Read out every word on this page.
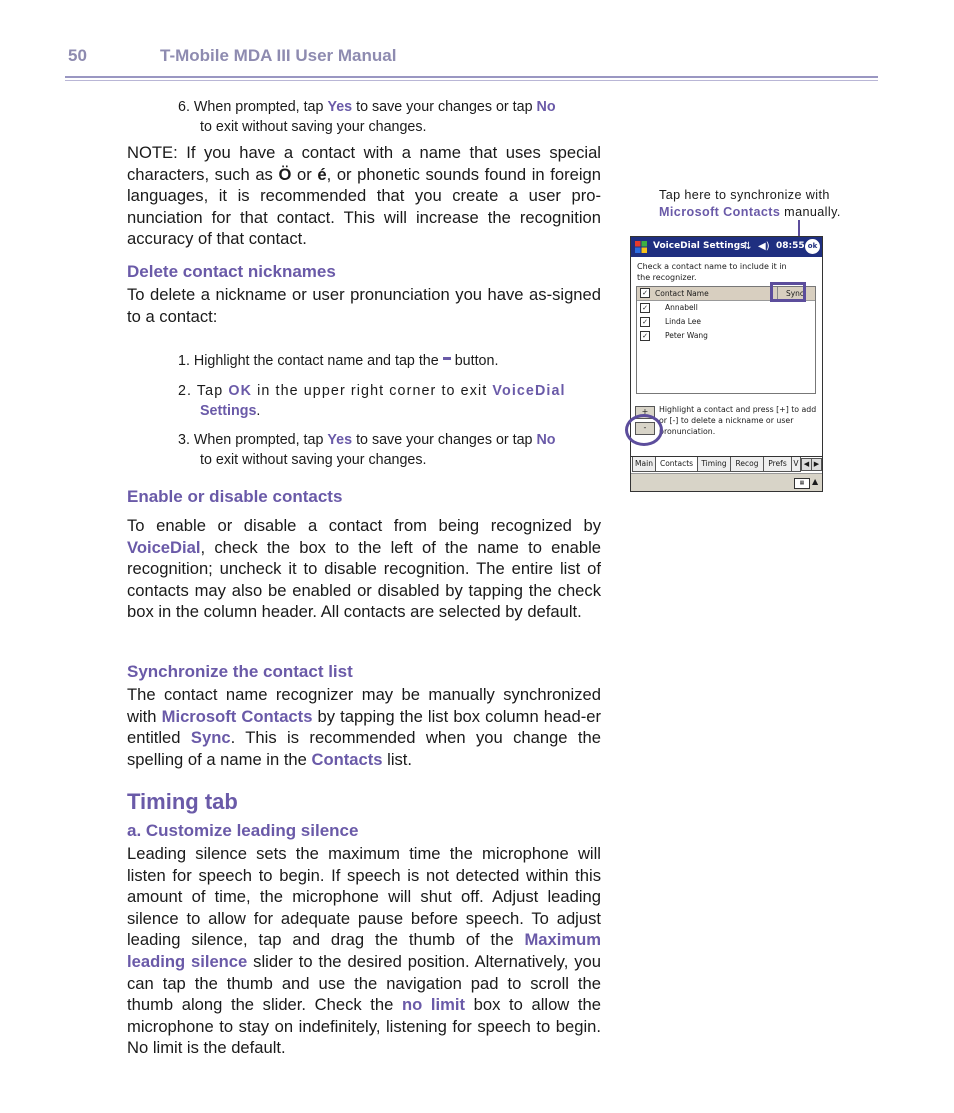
50	T-Mobile MDA III User Manual
6. When prompted, tap Yes to save your changes or tap No
to exit without saving your changes.
NOTE: If you have a contact with a name that uses special characters, such as Ö or é, or phonetic sounds found in foreign languages, it is recommended that you create a user pro-nunciation for that contact. This will increase the recognition accuracy of that contact.
Delete contact nicknames
To delete a nickname or user pronunciation you have as-signed to a contact:
1. Highlight the contact name and tap the button.
2. Tap OK in the upper right corner to exit VoiceDial
Settings.
3. When prompted, tap Yes to save your changes or tap No
to exit without saving your changes.
Enable or disable contacts
To enable or disable a contact from being recognized by VoiceDial, check the box to the left of the name to enable recognition; uncheck it to disable recognition. The entire list of contacts may also be enabled or disabled by tapping the check box in the column header. All contacts are selected by default.
Synchronize the contact list
The contact name recognizer may be manually synchronized with Microsoft Contacts by tapping the list box column head-er entitled Sync. This is recommended when you change the spelling of a name in the Contacts list.
Timing tab
a. Customize leading silence
Leading silence sets the maximum time the microphone will listen for speech to begin. If speech is not detected within this amount of time, the microphone will shut off. Adjust leading silence to allow for adequate pause before speech. To adjust leading silence, tap and drag the thumb of the Maximum leading silence slider to the desired position. Alternatively, you can tap the thumb and use the navigation pad to scroll the thumb along the slider. Check the no limit box to allow the microphone to stay on indefinitely, listening for speech to begin. No limit is the default.
Tap here to synchronize with
Microsoft Contacts manually.
VoiceDial Settings
⇅ ◀) 08:55 ok
Check a contact name to include it in the recognizer.
✓ Contact Name	Sync
✓ Annabell
✓ Linda Lee
✓ Peter Wang
+
-
Highlight a contact and press [+] to add or [-] to delete a nickname or user pronunciation.
Main Contacts	Timing	Recog	Prefs V ◀ ▶
▦ ▲
